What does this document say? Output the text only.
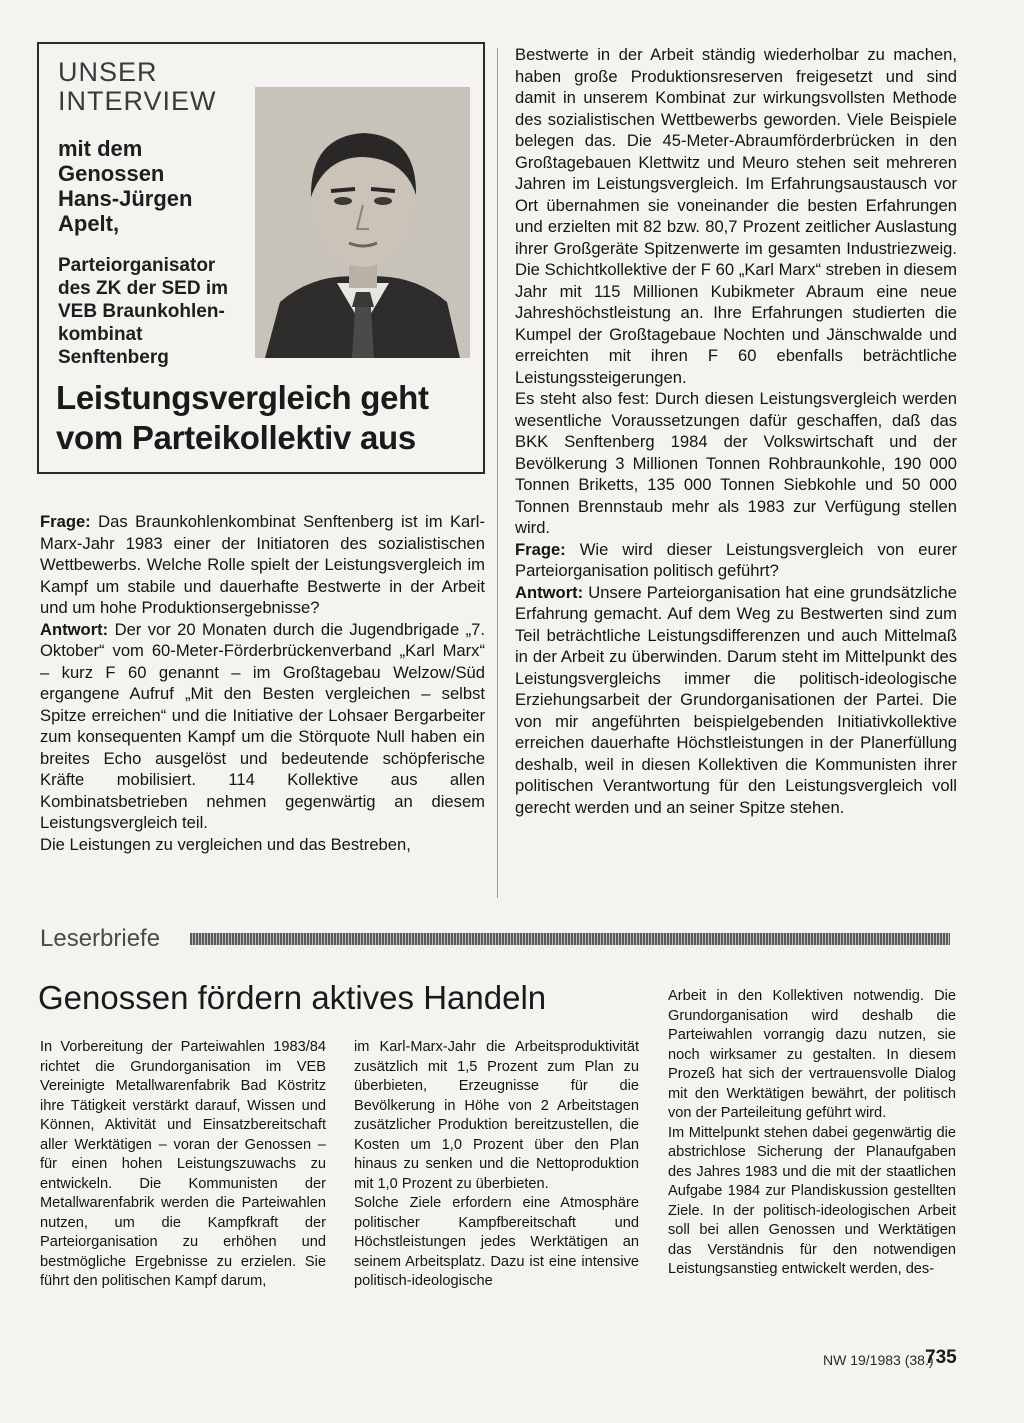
UNSER
INTERVIEW
mit dem
Genossen
Hans-Jürgen
Apelt,
Parteiorganisator
des ZK der SED im
VEB Braunkohlen-
kombinat
Senftenberg
Leistungsvergleich geht
vom Parteikollektiv aus

Frage: Das Braunkohlenkombinat Senftenberg ist im Karl-Marx-Jahr 1983 einer der Initiatoren des sozialistischen Wettbewerbs. Welche Rolle spielt der Leistungsvergleich im Kampf um stabile und dauerhafte Bestwerte in der Arbeit und um hohe Produktionsergebnisse?

Antwort: Der vor 20 Monaten durch die Jugendbrigade „7. Oktober“ vom 60-Meter-Förderbrückenverband „Karl Marx“ – kurz F 60 genannt – im Großtagebau Welzow/Süd ergangene Aufruf „Mit den Besten vergleichen – selbst Spitze erreichen“ und die Initiative der Lohsaer Bergarbeiter zum konsequenten Kampf um die Störquote Null haben ein breites Echo ausgelöst und bedeutende schöpferische Kräfte mobilisiert. 114 Kollektive aus allen Kombinatsbetrieben nehmen gegenwärtig an diesem Leistungsvergleich teil.

Die Leistungen zu vergleichen und das Bestreben,

Bestwerte in der Arbeit ständig wiederholbar zu machen, haben große Produktionsreserven freigesetzt und sind damit in unserem Kombinat zur wirkungsvollsten Methode des sozialistischen Wettbewerbs geworden. Viele Beispiele belegen das. Die 45-Meter-Abraumförderbrücken in den Großtagebauen Klettwitz und Meuro stehen seit mehreren Jahren im Leistungsvergleich. Im Erfahrungsaustausch vor Ort übernahmen sie voneinander die besten Erfahrungen und erzielten mit 82 bzw. 80,7 Prozent zeitlicher Auslastung ihrer Großgeräte Spitzenwerte im gesamten Industriezweig. Die Schichtkollektive der F 60 „Karl Marx“ streben in diesem Jahr mit 115 Millionen Kubikmeter Abraum eine neue Jahreshöchstleistung an. Ihre Erfahrungen studierten die Kumpel der Großtagebaue Nochten und Jänschwalde und erreichten mit ihren F 60 ebenfalls beträchtliche Leistungssteigerungen.

Es steht also fest: Durch diesen Leistungsvergleich werden wesentliche Voraussetzungen dafür geschaffen, daß das BKK Senftenberg 1984 der Volkswirtschaft und der Bevölkerung 3 Millionen Tonnen Rohbraunkohle, 190 000 Tonnen Briketts, 135 000 Tonnen Siebkohle und 50 000 Tonnen Brennstaub mehr als 1983 zur Verfügung stellen wird.

Frage: Wie wird dieser Leistungsvergleich von eurer Parteiorganisation politisch geführt?

Antwort: Unsere Parteiorganisation hat eine grundsätzliche Erfahrung gemacht. Auf dem Weg zu Bestwerten sind zum Teil beträchtliche Leistungsdifferenzen und auch Mittelmaß in der Arbeit zu überwinden. Darum steht im Mittelpunkt des Leistungsvergleichs immer die politisch-ideologische Erziehungsarbeit der Grundorganisationen der Partei. Die von mir angeführten beispielgebenden Initiativkollektive erreichen dauerhafte Höchstleistungen in der Planerfüllung deshalb, weil in diesen Kollektiven die Kommunisten ihrer politischen Verantwortung für den Leistungsvergleich voll gerecht werden und an seiner Spitze stehen.

Leserbriefe
Genossen fördern aktives Handeln

In Vorbereitung der Parteiwahlen 1983/84 richtet die Grundorganisation im VEB Vereinigte Metallwarenfabrik Bad Köstritz ihre Tätigkeit verstärkt darauf, Wissen und Können, Aktivität und Einsatzbereitschaft aller Werktätigen – voran der Genossen – für einen hohen Leistungszuwachs zu entwickeln. Die Kommunisten der Metallwarenfabrik werden die Parteiwahlen nutzen, um die Kampfkraft der Parteiorganisation zu erhöhen und bestmögliche Ergebnisse zu erzielen. Sie führt den politischen Kampf darum,

im Karl-Marx-Jahr die Arbeitsproduktivität zusätzlich mit 1,5 Prozent zum Plan zu überbieten, Erzeugnisse für die Bevölkerung in Höhe von 2 Arbeitstagen zusätzlicher Produktion bereitzustellen, die Kosten um 1,0 Prozent über den Plan hinaus zu senken und die Nettoproduktion mit 1,0 Prozent zu überbieten.

Solche Ziele erfordern eine Atmosphäre politischer Kampfbereitschaft und Höchstleistungen jedes Werktätigen an seinem Arbeitsplatz. Dazu ist eine intensive politisch-ideologische

Arbeit in den Kollektiven notwendig. Die Grundorganisation wird deshalb die Parteiwahlen vorrangig dazu nutzen, sie noch wirksamer zu gestalten. In diesem Prozeß hat sich der vertrauensvolle Dialog mit den Werktätigen bewährt, der politisch von der Parteileitung geführt wird.

Im Mittelpunkt stehen dabei gegenwärtig die abstrichlose Sicherung der Planaufgaben des Jahres 1983 und die mit der staatlichen Aufgabe 1984 zur Plandiskussion gestellten Ziele. In der politisch-ideologischen Arbeit soll bei allen Genossen und Werktätigen das Verständnis für den notwendigen Leistungsanstieg entwickelt werden, des-

NW 19/1983 (38.)
735
